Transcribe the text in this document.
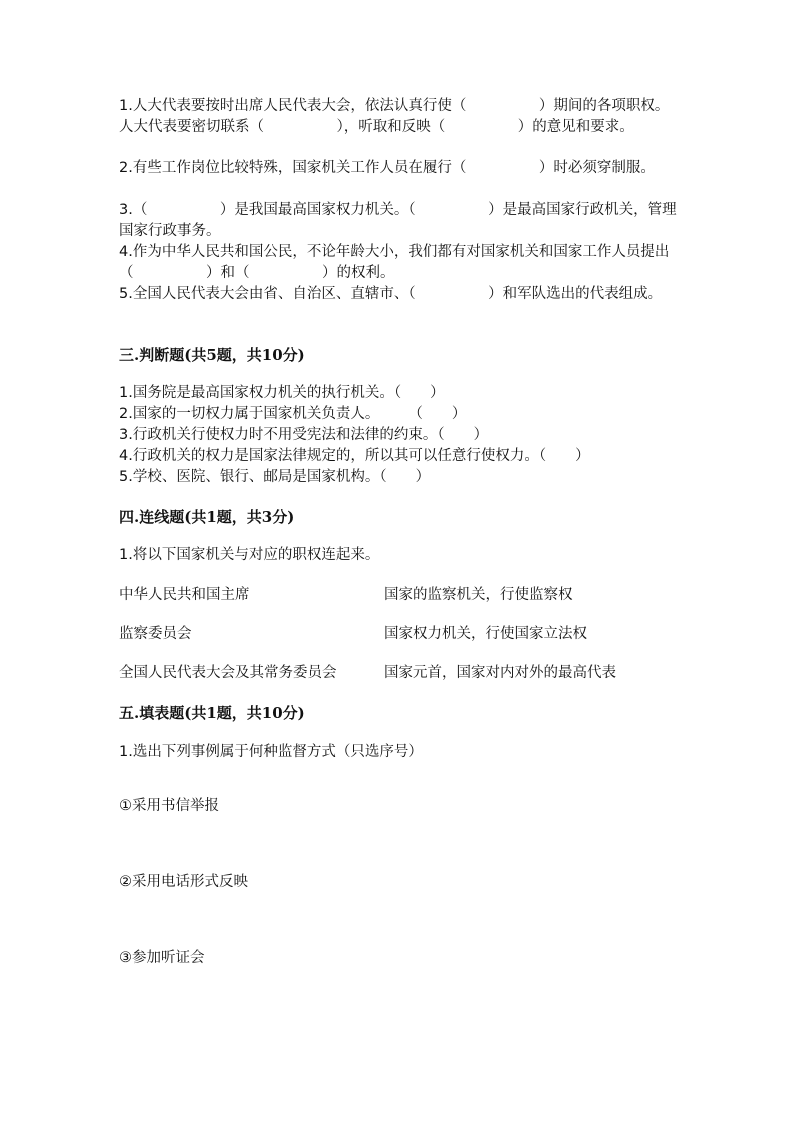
1.人大代表要按时出席人民代表大会，依法认真行使（　　　　　）期间的各项职权。人大代表要密切联系（　　　　　），听取和反映（　　　　　）的意见和要求。

2.有些工作岗位比较特殊，国家机关工作人员在履行（　　　　　）时必须穿制服。

3.（　　　　　）是我国最高国家权力机关。（　　　　　）是最高国家行政机关，管理国家行政事务。

4.作为中华人民共和国公民，不论年龄大小，我们都有对国家机关和国家工作人员提出（　　　　　）和（　　　　　）的权利。

5.全国人民代表大会由省、自治区、直辖市、（　　　　　）和军队选出的代表组成。

三.判断题(共5题，共10分)

1.国务院是最高国家权力机关的执行机关。（　　）

2.国家的一切权力属于国家机关负责人。　　　（　　）

3.行政机关行使权力时不用受宪法和法律的约束。（　　）

4.行政机关的权力是国家法律规定的，所以其可以任意行使权力。（　　）

5.学校、医院、银行、邮局是国家机构。（　　）

四.连线题(共1题，共3分)

1.将以下国家机关与对应的职权连起来。

中华人民共和国主席	国家的监察机关，行使监察权

监察委员会	国家权力机关，行使国家立法权

全国人民代表大会及其常务委员会	国家元首，国家对内对外的最高代表

五.填表题(共1题，共10分)

1.选出下列事例属于何种监督方式（只选序号）

①采用书信举报

②采用电话形式反映

③参加听证会
